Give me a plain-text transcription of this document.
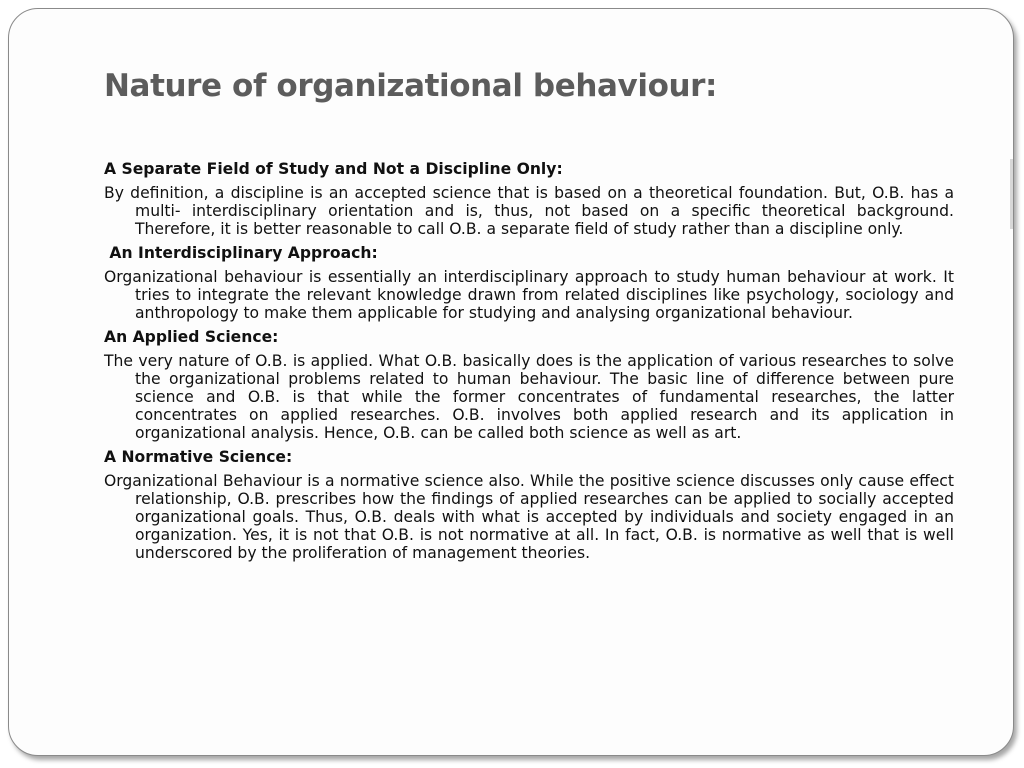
Nature of organizational behaviour:

A Separate Field of Study and Not a Discipline Only:

By definition, a discipline is an accepted science that is based on a theoretical foundation. But, O.B. has a multi- interdisciplinary orientation and is, thus, not based on a specific theoretical background. Therefore, it is better reasonable to call O.B. a separate field of study rather than a discipline only.

An Interdisciplinary Approach:

Organizational behaviour is essentially an interdisciplinary approach to study human behaviour at work. It tries to integrate the relevant knowledge drawn from related disciplines like psychology, sociology and anthropology to make them applicable for studying and analysing organizational behaviour.

An Applied Science:

The very nature of O.B. is applied. What O.B. basically does is the application of various researches to solve the organizational problems related to human behaviour. The basic line of difference between pure science and O.B. is that while the former concentrates of fundamental researches, the latter concentrates on applied researches. O.B. involves both applied research and its application in organizational analysis. Hence, O.B. can be called both science as well as art.

A Normative Science:

Organizational Behaviour is a normative science also. While the positive science discusses only cause effect relationship, O.B. prescribes how the findings of applied researches can be applied to socially accepted organizational goals. Thus, O.B. deals with what is accepted by individuals and society engaged in an organization. Yes, it is not that O.B. is not normative at all. In fact, O.B. is normative as well that is well underscored by the proliferation of management theories.
